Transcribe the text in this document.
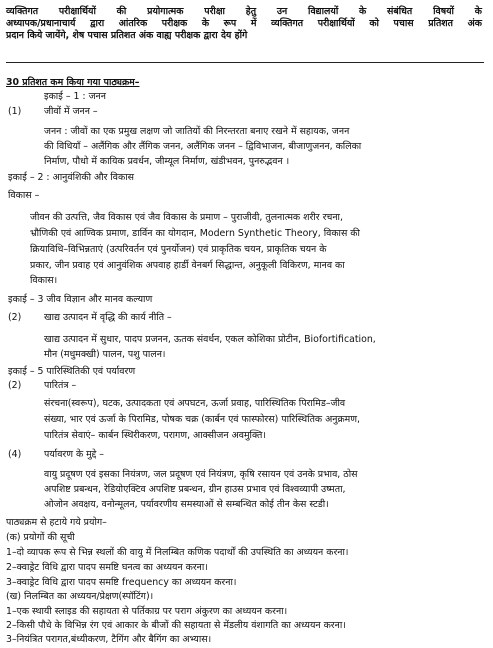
व्यक्तिगत परीक्षार्थियों की प्रयोगात्मक परीक्षा हेतु उन विद्यालयों के संबंधित विषयों के
अध्यापक/प्रधानाचार्य द्वारा आंतरिक परीक्षक के रूप में व्यक्तिगत परीक्षार्थियों को पचास प्रतिशत अंक
प्रदान किये जायेंगे, शेष पचास प्रतिशत अंक वाह्य परीक्षक द्वारा देय होंगे
30 प्रतिशत कम किया गया पाठ्यक्रम–
इकाई – 1 : जनन
(1) जीवों में जनन –
जनन : जीवों का एक प्रमुख लक्षण जो जातियों की निरन्तरता बनाए रखने में सहायक, जनन
की विधियाँ – अलैंगिक और लैंगिक जनन, अलैंगिक जनन – द्विविभाजन, बीजाणुजनन, कलिका
निर्माण, पौधो में कायिक प्रवर्धन, जीम्यूल निर्माण, खंडीभवन, पुनरुद्भवन ।
इकाई – 2 : आनुवंशिकी और विकास
विकास –
जीवन की उत्पत्ति, जैव विकास एवं जैव विकास के प्रमाण – पुराजीवी, तुलनात्मक शरीर रचना,
भ्रौणिकी एवं आण्विक प्रमाण, डार्विन का योगदान, Modern Synthetic Theory, विकास की
क्रियाविधि–विभिन्नताएं (उत्परिवर्तन एवं पुनर्योजन) एवं प्राकृतिक चयन, प्राकृतिक चयन के
प्रकार, जीन प्रवाह एवं आनुवंशिक अपवाह हार्डी वेनबर्ग सिद्धान्त, अनुकूली विकिरण, मानव का
विकास।
इकाई – 3 जीव विज्ञान और मानव कल्याण
(2) खाद्य उत्पादन में वृद्धि की कार्य नीति –
खाद्य उत्पादन में सुधार, पादप प्रजनन, ऊतक संवर्धन, एकल कोशिका प्रोटीन, Biofortification,
मौन (मधुमक्खी) पालन, पशु पालन।
इकाई – 5 पारिस्थितिकी एवं पर्यावरण
(2) पारितंत्र –
संरचना(स्वरूप), घटक, उत्पादकता एवं अपघटन, ऊर्जा प्रवाह, पारिस्थितिक पिरामिड–जीव
संख्या, भार एवं ऊर्जा के पिरामिड, पोषक चक्र (कार्बन एवं फास्फोरस) पारिस्थितिक अनुक्रमण,
पारितंत्र सेवाएं– कार्बन स्थिरीकरण, परागण, आक्सीजन अवमुक्ति।
(4) पर्यावरण के मुद्दे –
वायु प्रदूषण एवं इसका नियंत्रण, जल प्रदूषण एवं नियंत्रण, कृषि रसायन एवं उनके प्रभाव, ठोस
अपशिष्ट प्रबन्धन, रेडियोएक्टिव अपशिष्ट प्रबन्धन, ग्रीन हाउस प्रभाव एवं विश्वव्यापी उष्मता,
ओजोन अवक्षय, वनोन्मूलन, पर्यावरणीय समस्याओं से सम्बन्धित कोई तीन केस स्टडी।
पाठ्यक्रम से हटाये गये प्रयोग–
(क) प्रयोगों की सूची
1–दो व्यापक रूप से भिन्न स्थलों की वायु में निलम्बित कणिक पदार्थों की उपस्थिति का अध्ययन करना।
2–क्वाड्रेट विधि द्वारा पादप समष्टि घनत्व का अध्ययन करना।
3–क्वाड्रेट विधि द्वारा पादप समष्टि frequency का अध्ययन करना।
(ख) निलम्बित का अध्ययन/प्रेक्षण(स्पॉटिंग)।
1–एक स्थायी स्लाइड की सहायता से पर्तिकाग्र पर पराग अंकुरण का अध्ययन करना।
2–किसी पौधे के विभिन्न रंग एवं आकार के बीजों की सहायता से मेंडलीय वंशागति का अध्ययन करना।
3–नियंत्रित परागत,बंध्यीकरण, टैगिंग और बैगिंग का अभ्यास।
